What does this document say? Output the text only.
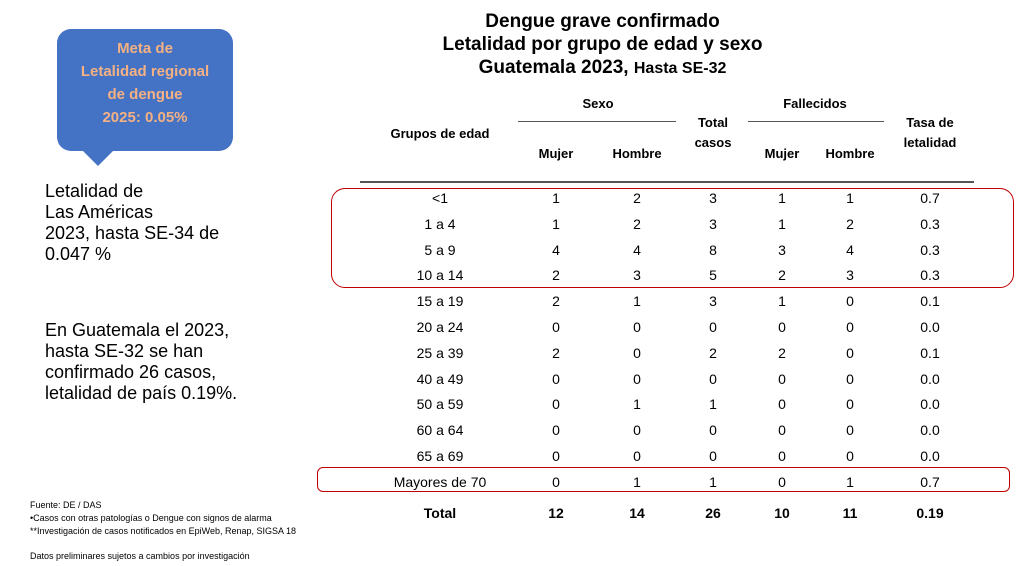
Dengue grave confirmado
Letalidad por grupo de edad y sexo
Guatemala 2023, Hasta SE-32
Meta de
Letalidad regional
de dengue
2025: 0.05%
Letalidad de
Las Américas
2023, hasta SE-34 de
0.047 %
En Guatemala el 2023,
hasta SE-32 se han
confirmado 26 casos,
letalidad de país 0.19%.
Grupos de edad
Sexo
Mujer	Hombre
Total
casos
Fallecidos
Mujer	Hombre
Tasa de
letalidad
<1	1	2	3	1	1	0.7
1 a 4	1	2	3	1	2	0.3
5 a 9	4	4	8	3	4	0.3
10 a 14	2	3	5	2	3	0.3
15 a 19	2	1	3	1	0	0.1
20 a 24	0	0	0	0	0	0.0
25 a 39	2	0	2	2	0	0.1
40 a 49	0	0	0	0	0	0.0
50 a 59	0	1	1	0	0	0.0
60 a 64	0	0	0	0	0	0.0
65 a 69	0	0	0	0	0	0.0
Mayores de 70	0	1	1	0	1	0.7
Total	12	14	26	10	11	0.19
Fuente: DE / DAS
•Casos con otras patologías o Dengue con signos de alarma
**Investigación de casos notificados en EpiWeb, Renap, SIGSA 18
Datos preliminares sujetos a cambios por investigación
